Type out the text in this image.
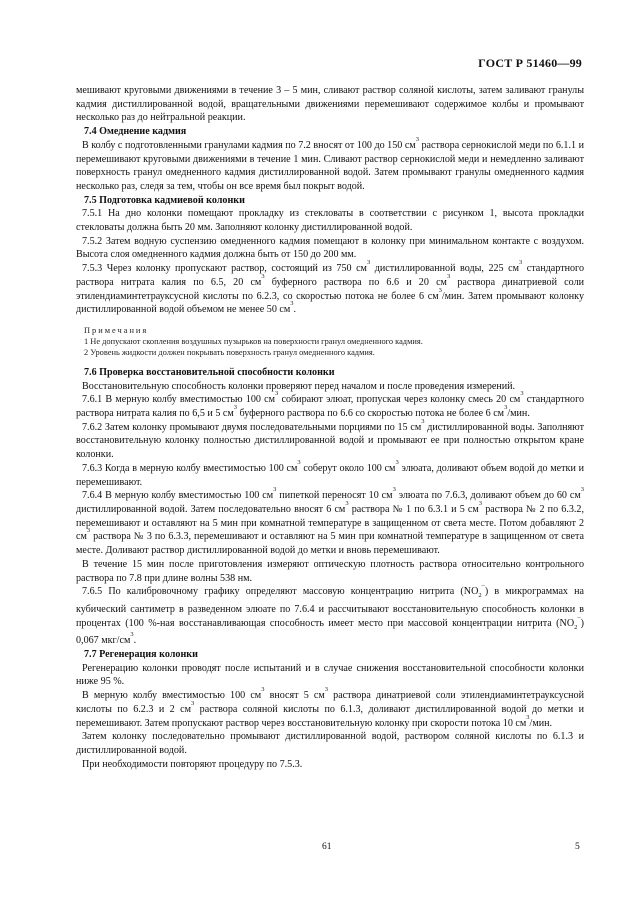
ГОСТ Р 51460—99

мешивают круговыми движениями в течение 3 – 5 мин, сливают раствор соляной кислоты, затем заливают гранулы кадмия дистиллированной водой, вращательными движениями перемешивают содержимое колбы и промывают несколько раз до нейтральной реакции.

7.4 Омеднение кадмия

В колбу с подготовленными гранулами кадмия по 7.2 вносят от 100 до 150 $см^3$ раствора сернокислой меди по 6.1.1 и перемешивают круговыми движениями в течение 1 мин. Сливают раствор сернокислой меди и немедленно заливают поверхность гранул омедненного кадмия дистиллированной водой. Затем промывают гранулы омедненного кадмия несколько раз, следя за тем, чтобы он все время был покрыт водой.

7.5 Подготовка кадмиевой колонки

7.5.1 На дно колонки помещают прокладку из стекловаты в соответствии с рисунком 1, высота прокладки стекловаты должна быть 20 мм. Заполняют колонку дистиллированной водой.

7.5.2 Затем водную суспензию омедненного кадмия помещают в колонку при минимальном контакте с воздухом. Высота слоя омедненного кадмия должна быть от 150 до 200 мм.

7.5.3 Через колонку пропускают раствор, состоящий из 750 $см^3$ дистиллированной воды, 225 $см^3$ стандартного раствора нитрата калия по 6.5, 20 $см^3$ буферного раствора по 6.6 и 20 $см^3$ раствора динатриевой соли этилендиаминтетрауксусной кислоты по 6.2.3, со скоростью потока не более 6 $см^3$/мин. Затем промывают колонку дистиллированной водой объемом не менее 50 $см^3$.

Примечания
1 Не допускают скопления воздушных пузырьков на поверхности гранул омедненного кадмия.
2 Уровень жидкости должен покрывать поверхность гранул омедненного кадмия.

7.6 Проверка восстановительной способности колонки

Восстановительную способность колонки проверяют перед началом и после проведения измерений.

7.6.1 В мерную колбу вместимостью 100 $см^3$ собирают элюат, пропуская через колонку смесь 20 $см^3$ стандартного раствора нитрата калия по 6,5 и 5 $см^3$ буферного раствора по 6.6 со скоростью потока не более 6 $см^3$/мин.

7.6.2 Затем колонку промывают двумя последовательными порциями по 15 $см^3$ дистиллированной воды. Заполняют восстановительную колонку полностью дистиллированной водой и промывают ее при полностью открытом кране колонки.

7.6.3 Когда в мерную колбу вместимостью 100 $см^3$ соберут около 100 $см^3$ элюата, доливают объем водой до метки и перемешивают.

7.6.4 В мерную колбу вместимостью 100 $см^3$ пипеткой переносят 10 $см^3$ элюата по 7.6.3, доливают объем до 60 $см^3$ дистиллированной водой. Затем последовательно вносят 6 $см^3$ раствора № 1 по 6.3.1 и 5 $см^3$ раствора № 2 по 6.3.2, перемешивают и оставляют на 5 мин при комнатной температуре в защищенном от света месте. Потом добавляют 2 $см^3$ раствора № 3 по 6.3.3, перемешивают и оставляют на 5 мин при комнатной температуре в защищенном от света месте. Доливают раствор дистиллированной водой до метки и вновь перемешивают.

В течение 15 мин после приготовления измеряют оптическую плотность раствора относительно контрольного раствора по 7.8 при длине волны 538 нм.

7.6.5 По калибровочному графику определяют массовую концентрацию нитрита $(NO_2^-)$ в микрограммах на кубический сантиметр в разведенном элюате по 7.6.4 и рассчитывают восстановительную способность колонки в процентах (100 %-ная восстанавливающая способность имеет место при массовой концентрации нитрита $(NO_2^-)$ 0,067 мкг/$см^3$.

7.7 Регенерация колонки

Регенерацию колонки проводят после испытаний и в случае снижения восстановительной способности колонки ниже 95 %.

В мерную колбу вместимостью 100 $см^3$ вносят 5 $см^3$ раствора динатриевой соли этилендиаминтетрауксусной кислоты по 6.2.3 и 2 $см^3$ раствора соляной кислоты по 6.1.3, доливают дистиллированной водой до метки и перемешивают. Затем пропускают раствор через восстановительную колонку при скорости потока 10 $см^3$/мин.

Затем колонку последовательно промывают дистиллированной водой, раствором соляной кислоты по 6.1.3 и дистиллированной водой.

При необходимости повторяют процедуру по 7.5.3.

61	5
